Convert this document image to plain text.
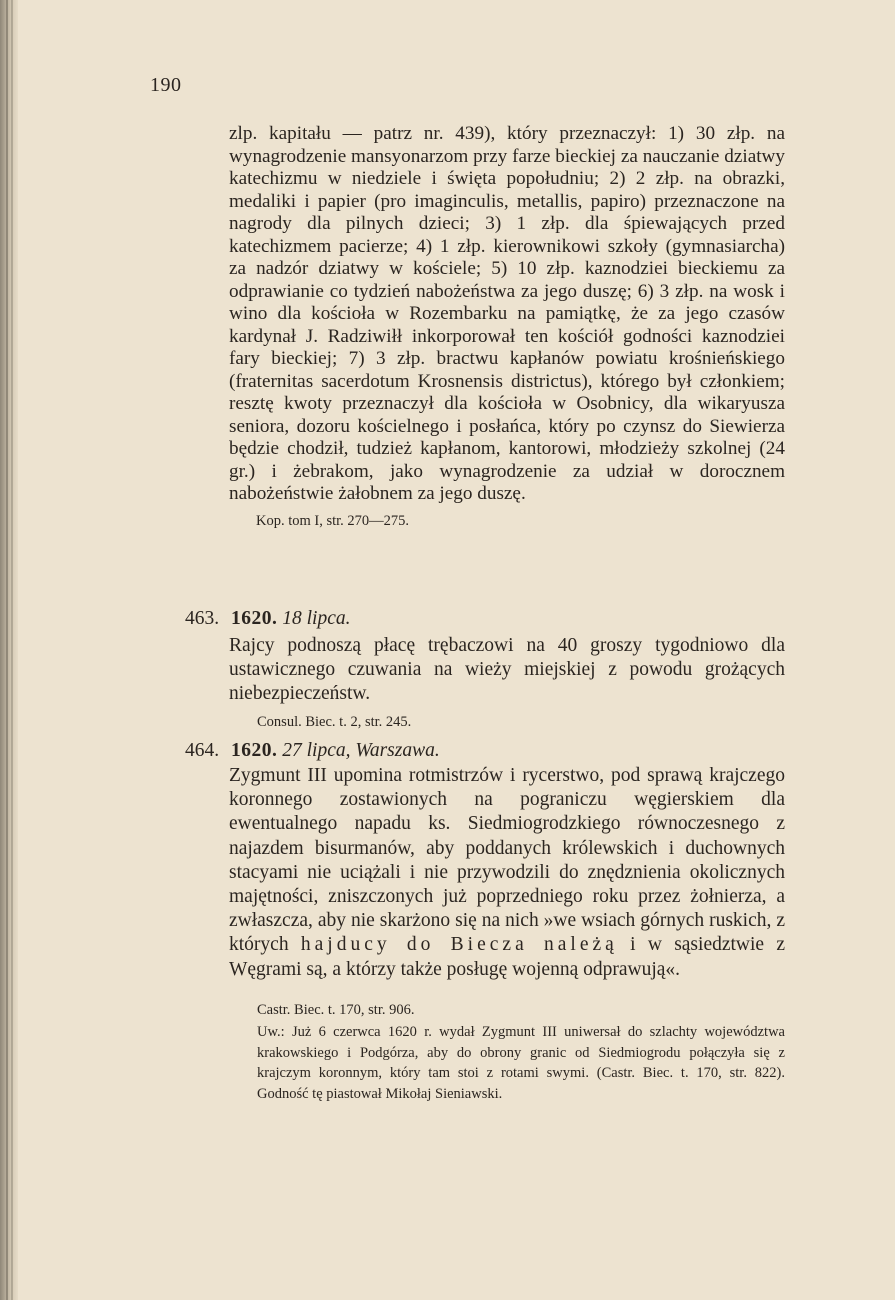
190
zlp. kapitału — patrz nr. 439), który przeznaczył: 1) 30 złp. na wynagrodzenie mansyonarzom przy farze bieckiej za nauczanie dziatwy katechizmu w niedziele i święta popołudniu; 2) 2 złp. na obrazki, medaliki i papier (pro imaginculis, metallis, papiro) przeznaczone na nagrody dla pilnych dzieci; 3) 1 złp. dla śpiewających przed katechizmem pacierze; 4) 1 złp. kierownikowi szkoły (gymnasiarcha) za nadzór dziatwy w kościele; 5) 10 złp. kaznodziei bieckiemu za odprawianie co tydzień nabożeństwa za jego duszę; 6) 3 złp. na wosk i wino dla kościoła w Rozembarku na pamiątkę, że za jego czasów kardynał J. Radziwiłł inkorporował ten kościół godności kaznodziei fary bieckiej; 7) 3 złp. bractwu kapłanów powiatu krośnieńskiego (fraternitas sacerdotum Krosnensis districtus), którego był członkiem; resztę kwoty przeznaczył dla kościoła w Osobnicy, dla wikaryusza seniora, dozoru kościelnego i posłańca, który po czynsz do Siewierza będzie chodził, tudzież kapłanom, kantorowi, młodzieży szkolnej (24 gr.) i żebrakom, jako wynagrodzenie za udział w dorocznem nabożeństwie żałobnem za jego duszę.
Kop. tom I, str. 270—275.
463. 1620. 18 lipca.
Rajcy podnoszą płacę trębaczowi na 40 groszy tygodniowo dla ustawicznego czuwania na wieży miejskiej z powodu grożących niebezpieczeństw.
Consul. Biec. t. 2, str. 245.
464. 1620. 27 lipca, Warszawa.
Zygmunt III upomina rotmistrzów i rycerstwo, pod sprawą krajczego koronnego zostawionych na pograniczu węgierskiem dla ewentualnego napadu ks. Siedmiogrodzkiego równoczesnego z najazdem bisurmanów, aby poddanych królewskich i duchownych stacyami nie uciążali i nie przywodzili do znędznienia okolicznych majętności, zniszczonych już poprzedniego roku przez żołnierza, a zwłaszcza, aby nie skarżono się na nich »we wsiach górnych ruskich, z których hajducy do Biecza należą i w sąsiedztwie z Węgrami są, a którzy także posługę wojenną odprawują«.
Castr. Biec. t. 170, str. 906.
Uw.: Już 6 czerwca 1620 r. wydał Zygmunt III uniwersał do szlachty województwa krakowskiego i Podgórza, aby do obrony granic od Siedmiogrodu połączyła się z krajczym koronnym, który tam stoi z rotami swymi. (Castr. Biec. t. 170, str. 822). Godność tę piastował Mikołaj Sieniawski.
